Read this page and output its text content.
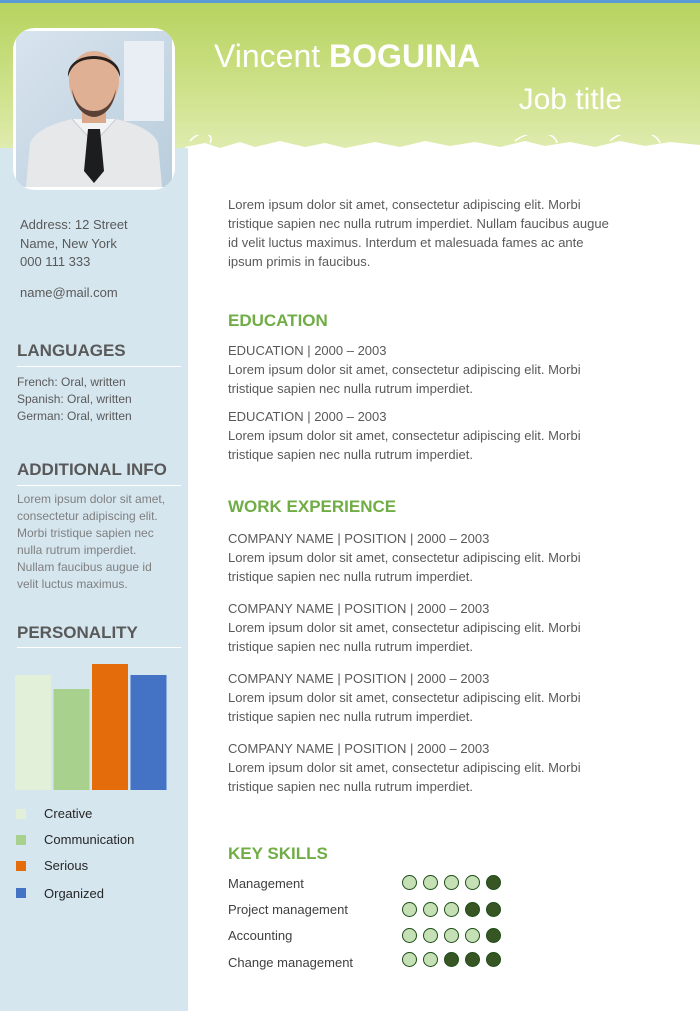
Vincent BOGUINA
Job title
Address: 12 Street
Name, New York
000 111 333
name@mail.com
LANGUAGES
French: Oral, written
Spanish: Oral, written
German: Oral, written
ADDITIONAL INFO
Lorem ipsum dolor sit amet,
consectetur adipiscing elit.
Morbi tristique sapien nec
nulla rutrum imperdiet.
Nullam faucibus augue id
velit luctus maximus.
PERSONALITY
Creative
Communication
Serious
Organized
Lorem ipsum dolor sit amet, consectetur adipiscing elit. Morbi
tristique sapien nec nulla rutrum imperdiet. Nullam faucibus augue
id velit luctus maximus. Interdum et malesuada fames ac ante
ipsum primis in faucibus.
EDUCATION
EDUCATION | 2000 – 2003
Lorem ipsum dolor sit amet, consectetur adipiscing elit. Morbi
tristique sapien nec nulla rutrum imperdiet.
EDUCATION | 2000 – 2003
Lorem ipsum dolor sit amet, consectetur adipiscing elit. Morbi
tristique sapien nec nulla rutrum imperdiet.
WORK EXPERIENCE
COMPANY NAME | POSITION | 2000 – 2003
Lorem ipsum dolor sit amet, consectetur adipiscing elit. Morbi
tristique sapien nec nulla rutrum imperdiet.
COMPANY NAME | POSITION | 2000 – 2003
Lorem ipsum dolor sit amet, consectetur adipiscing elit. Morbi
tristique sapien nec nulla rutrum imperdiet.
COMPANY NAME | POSITION | 2000 – 2003
Lorem ipsum dolor sit amet, consectetur adipiscing elit. Morbi
tristique sapien nec nulla rutrum imperdiet.
COMPANY NAME | POSITION | 2000 – 2003
Lorem ipsum dolor sit amet, consectetur adipiscing elit. Morbi
tristique sapien nec nulla rutrum imperdiet.
KEY SKILLS
Management
Project management
Accounting
Change management
